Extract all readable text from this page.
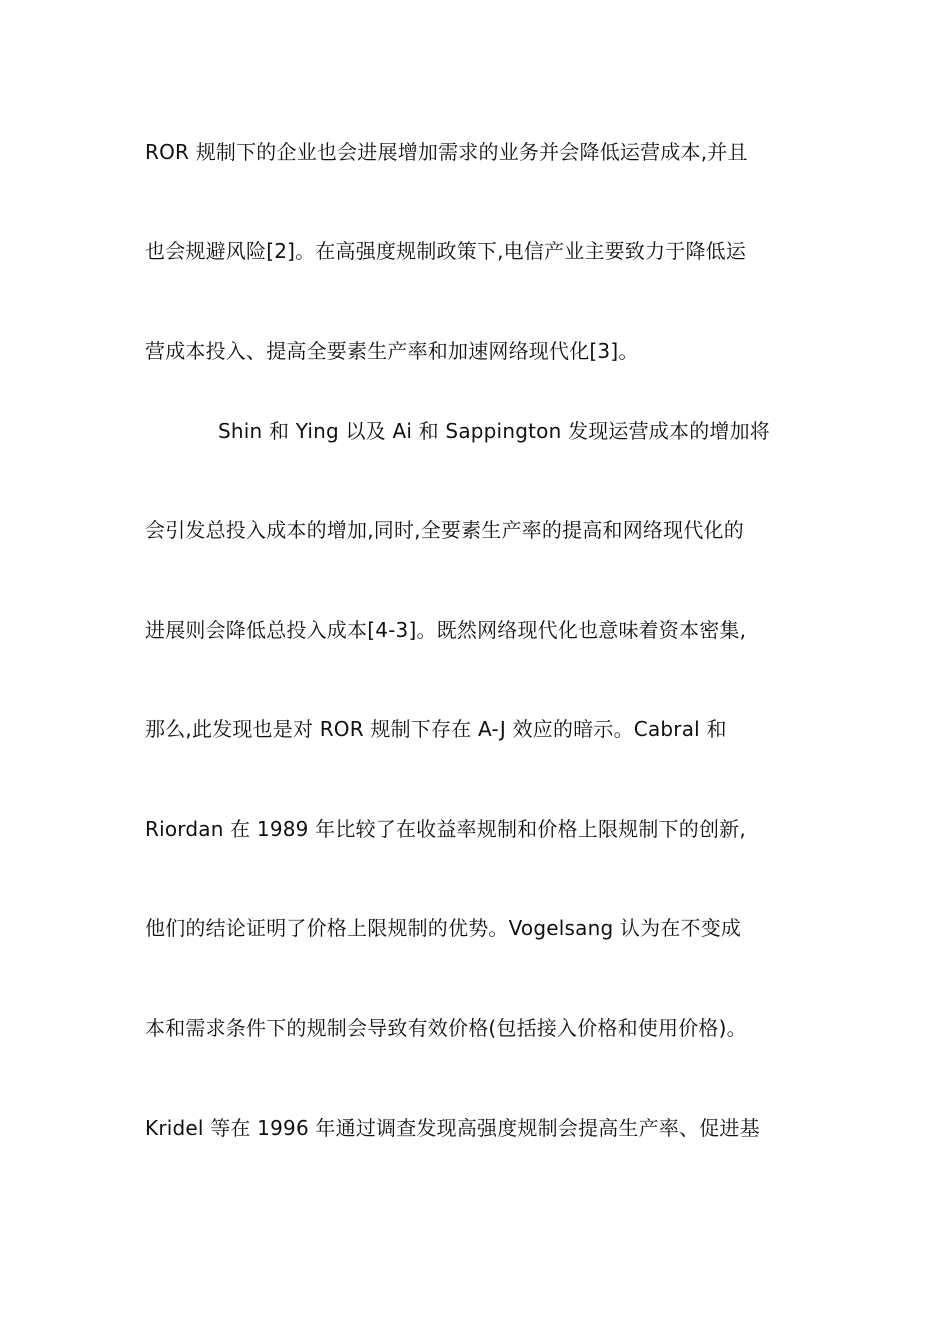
ROR 规制下的企业也会进展增加需求的业务并会降低运营成本,并且
也会规避风险[2]。在高强度规制政策下,电信产业主要致力于降低运
营成本投入、提高全要素生产率和加速网络现代化[3]。
Shin 和 Ying 以及 Ai 和 Sappington 发现运营成本的增加将
会引发总投入成本的增加,同时,全要素生产率的提高和网络现代化的
进展则会降低总投入成本[4-3]。既然网络现代化也意味着资本密集,
那么,此发现也是对 ROR 规制下存在 A-J 效应的暗示。Cabral 和
Riordan 在 1989 年比较了在收益率规制和价格上限规制下的创新,
他们的结论证明了价格上限规制的优势。Vogelsang 认为在不变成
本和需求条件下的规制会导致有效价格(包括接入价格和使用价格)。
Kridel 等在 1996 年通过调查发现高强度规制会提高生产率、促进基
